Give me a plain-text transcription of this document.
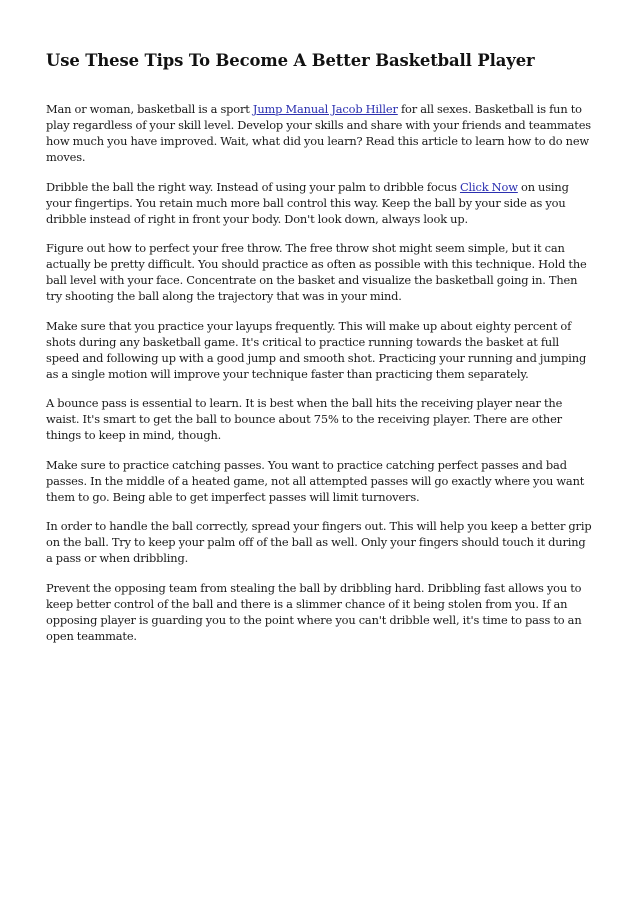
Use These Tips To Become A Better Basketball Player

Man or woman, basketball is a sport Jump Manual Jacob Hiller for all sexes. Basketball is fun to play regardless of your skill level. Develop your skills and share with your friends and teammates how much you have improved. Wait, what did you learn? Read this article to learn how to do new moves.

Dribble the ball the right way. Instead of using your palm to dribble focus Click Now on using your fingertips. You retain much more ball control this way. Keep the ball by your side as you dribble instead of right in front your body. Don't look down, always look up.

Figure out how to perfect your free throw. The free throw shot might seem simple, but it can actually be pretty difficult. You should practice as often as possible with this technique. Hold the ball level with your face. Concentrate on the basket and visualize the basketball going in. Then try shooting the ball along the trajectory that was in your mind.

Make sure that you practice your layups frequently. This will make up about eighty percent of shots during any basketball game. It's critical to practice running towards the basket at full speed and following up with a good jump and smooth shot. Practicing your running and jumping as a single motion will improve your technique faster than practicing them separately.

A bounce pass is essential to learn. It is best when the ball hits the receiving player near the waist. It's smart to get the ball to bounce about 75% to the receiving player. There are other things to keep in mind, though.

Make sure to practice catching passes. You want to practice catching perfect passes and bad passes. In the middle of a heated game, not all attempted passes will go exactly where you want them to go. Being able to get imperfect passes will limit turnovers.

In order to handle the ball correctly, spread your fingers out. This will help you keep a better grip on the ball. Try to keep your palm off of the ball as well. Only your fingers should touch it during a pass or when dribbling.

Prevent the opposing team from stealing the ball by dribbling hard. Dribbling fast allows you to keep better control of the ball and there is a slimmer chance of it being stolen from you. If an opposing player is guarding you to the point where you can't dribble well, it's time to pass to an open teammate.
